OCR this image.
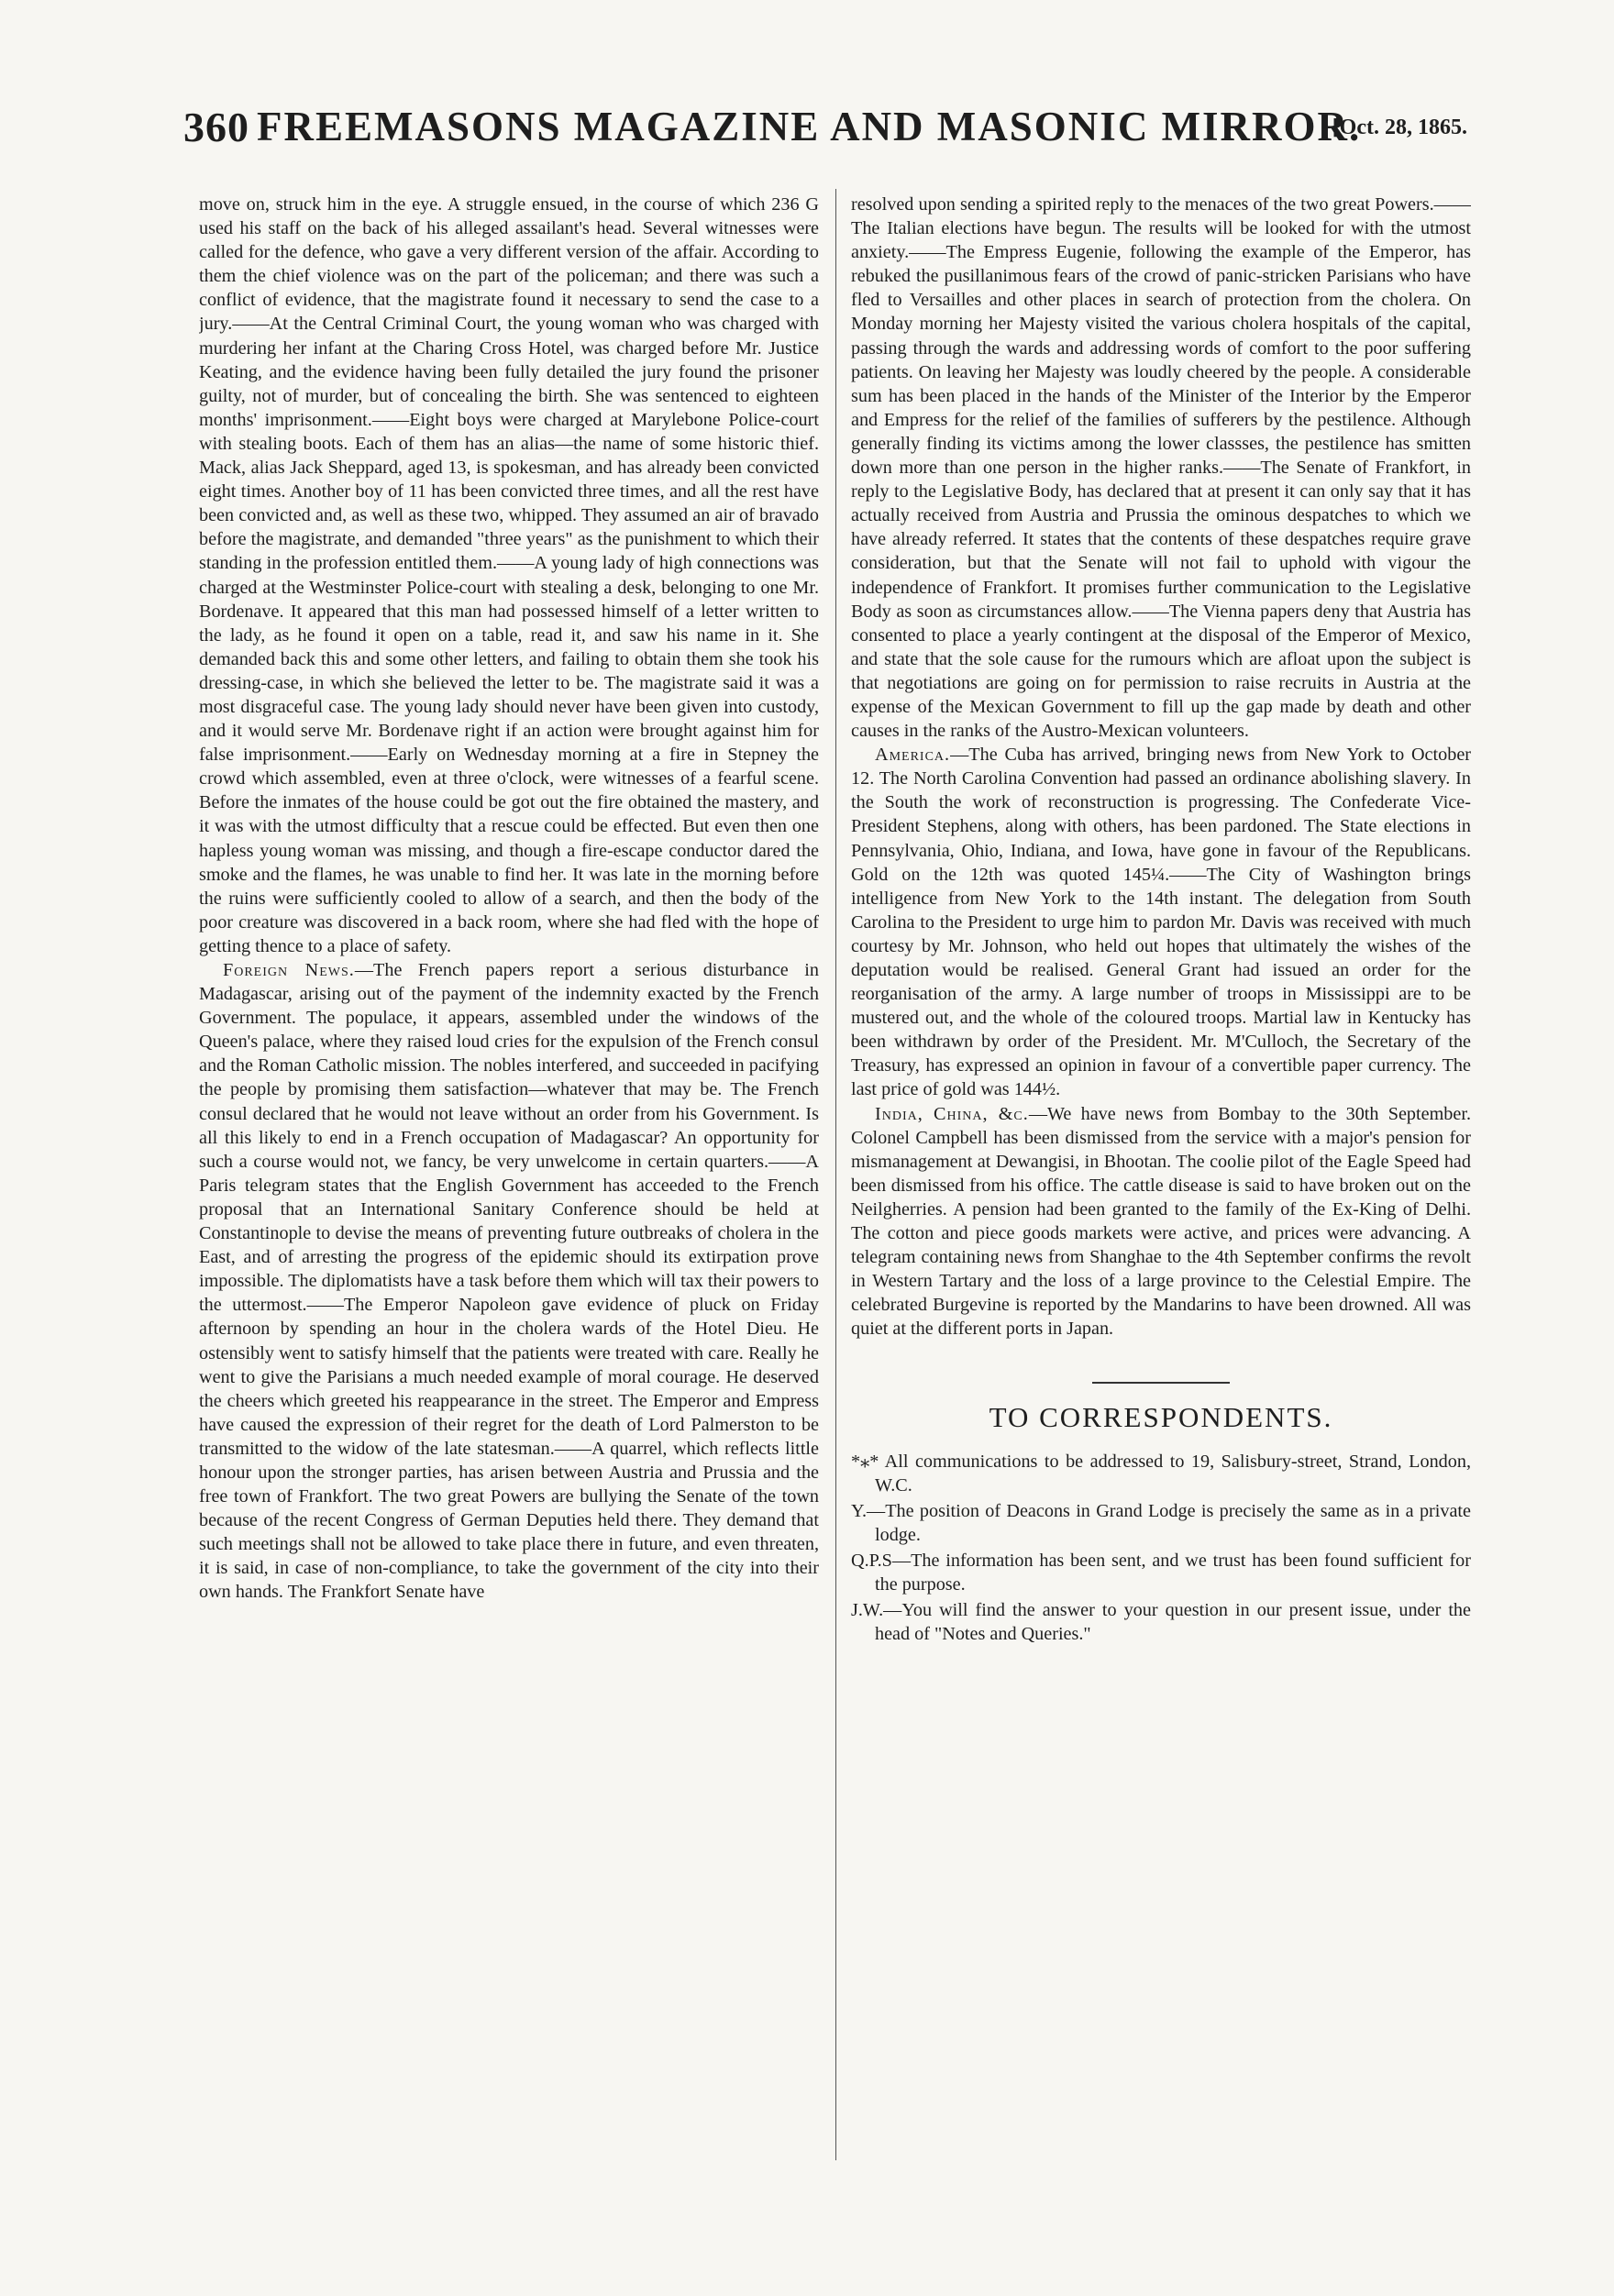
360 FREEMASONS MAGAZINE AND MASONIC MIRROR.
[Oct. 28, 1865.

move on, struck him in the eye. A struggle ensued, in the course of which 236 G used his staff on the back of his alleged assailant's head. Several witnesses were called for the defence, who gave a very different version of the affair. According to them the chief violence was on the part of the policeman; and there was such a conflict of evidence, that the magistrate found it necessary to send the case to a jury.——At the Central Criminal Court, the young woman who was charged with murdering her infant at the Charing Cross Hotel, was charged before Mr. Justice Keating, and the evidence having been fully detailed the jury found the prisoner guilty, not of murder, but of concealing the birth. She was sentenced to eighteen months' imprisonment.——Eight boys were charged at Marylebone Police-court with stealing boots. Each of them has an alias—the name of some historic thief. Mack, alias Jack Sheppard, aged 13, is spokesman, and has already been convicted eight times. Another boy of 11 has been convicted three times, and all the rest have been convicted and, as well as these two, whipped. They assumed an air of bravado before the magistrate, and demanded "three years" as the punishment to which their standing in the profession entitled them.——A young lady of high connections was charged at the Westminster Police-court with stealing a desk, belonging to one Mr. Bordenave. It appeared that this man had possessed himself of a letter written to the lady, as he found it open on a table, read it, and saw his name in it. She demanded back this and some other letters, and failing to obtain them she took his dressing-case, in which she believed the letter to be. The magistrate said it was a most disgraceful case. The young lady should never have been given into custody, and it would serve Mr. Bordenave right if an action were brought against him for false imprisonment.——Early on Wednesday morning at a fire in Stepney the crowd which assembled, even at three o'clock, were witnesses of a fearful scene. Before the inmates of the house could be got out the fire obtained the mastery, and it was with the utmost difficulty that a rescue could be effected. But even then one hapless young woman was missing, and though a fire-escape conductor dared the smoke and the flames, he was unable to find her. It was late in the morning before the ruins were sufficiently cooled to allow of a search, and then the body of the poor creature was discovered in a back room, where she had fled with the hope of getting thence to a place of safety.

Foreign News.—The French papers report a serious disturbance in Madagascar, arising out of the payment of the indemnity exacted by the French Government. The populace, it appears, assembled under the windows of the Queen's palace, where they raised loud cries for the expulsion of the French consul and the Roman Catholic mission. The nobles interfered, and succeeded in pacifying the people by promising them satisfaction—whatever that may be. The French consul declared that he would not leave without an order from his Government. Is all this likely to end in a French occupation of Madagascar? An opportunity for such a course would not, we fancy, be very unwelcome in certain quarters.——A Paris telegram states that the English Government has acceeded to the French proposal that an International Sanitary Conference should be held at Constantinople to devise the means of preventing future outbreaks of cholera in the East, and of arresting the progress of the epidemic should its extirpation prove impossible. The diplomatists have a task before them which will tax their powers to the uttermost.——The Emperor Napoleon gave evidence of pluck on Friday afternoon by spending an hour in the cholera wards of the Hotel Dieu. He ostensibly went to satisfy himself that the patients were treated with care. Really he went to give the Parisians a much needed example of moral courage. He deserved the cheers which greeted his reappearance in the street. The Emperor and Empress have caused the expression of their regret for the death of Lord Palmerston to be transmitted to the widow of the late statesman.——A quarrel, which reflects little honour upon the stronger parties, has arisen between Austria and Prussia and the free town of Frankfort. The two great Powers are bullying the Senate of the town because of the recent Congress of German Deputies held there. They demand that such meetings shall not be allowed to take place there in future, and even threaten, it is said, in case of non-compliance, to take the government of the city into their own hands. The Frankfort Senate have

resolved upon sending a spirited reply to the menaces of the two great Powers.——The Italian elections have begun. The results will be looked for with the utmost anxiety.——The Empress Eugenie, following the example of the Emperor, has rebuked the pusillanimous fears of the crowd of panic-stricken Parisians who have fled to Versailles and other places in search of protection from the cholera. On Monday morning her Majesty visited the various cholera hospitals of the capital, passing through the wards and addressing words of comfort to the poor suffering patients. On leaving her Majesty was loudly cheered by the people. A considerable sum has been placed in the hands of the Minister of the Interior by the Emperor and Empress for the relief of the families of sufferers by the pestilence. Although generally finding its victims among the lower classses, the pestilence has smitten down more than one person in the higher ranks.——The Senate of Frankfort, in reply to the Legislative Body, has declared that at present it can only say that it has actually received from Austria and Prussia the ominous despatches to which we have already referred. It states that the contents of these despatches require grave consideration, but that the Senate will not fail to uphold with vigour the independence of Frankfort. It promises further communication to the Legislative Body as soon as circumstances allow.——The Vienna papers deny that Austria has consented to place a yearly contingent at the disposal of the Emperor of Mexico, and state that the sole cause for the rumours which are afloat upon the subject is that negotiations are going on for permission to raise recruits in Austria at the expense of the Mexican Government to fill up the gap made by death and other causes in the ranks of the Austro-Mexican volunteers.

America.—The Cuba has arrived, bringing news from New York to October 12. The North Carolina Convention had passed an ordinance abolishing slavery. In the South the work of reconstruction is progressing. The Confederate Vice-President Stephens, along with others, has been pardoned. The State elections in Pennsylvania, Ohio, Indiana, and Iowa, have gone in favour of the Republicans. Gold on the 12th was quoted 145¼.——The City of Washington brings intelligence from New York to the 14th instant. The delegation from South Carolina to the President to urge him to pardon Mr. Davis was received with much courtesy by Mr. Johnson, who held out hopes that ultimately the wishes of the deputation would be realised. General Grant had issued an order for the reorganisation of the army. A large number of troops in Mississippi are to be mustered out, and the whole of the coloured troops. Martial law in Kentucky has been withdrawn by order of the President. Mr. M'Culloch, the Secretary of the Treasury, has expressed an opinion in favour of a convertible paper currency. The last price of gold was 144½.

India, China, &c.—We have news from Bombay to the 30th September. Colonel Campbell has been dismissed from the service with a major's pension for mismanagement at Dewangisi, in Bhootan. The coolie pilot of the Eagle Speed had been dismissed from his office. The cattle disease is said to have broken out on the Neilgherries. A pension had been granted to the family of the Ex-King of Delhi. The cotton and piece goods markets were active, and prices were advancing. A telegram containing news from Shanghae to the 4th September confirms the revolt in Western Tartary and the loss of a large province to the Celestial Empire. The celebrated Burgevine is reported by the Mandarins to have been drowned. All was quiet at the different ports in Japan.

TO CORRESPONDENTS.

*⁎* All communications to be addressed to 19, Salisbury-street, Strand, London, W.C.

Y.—The position of Deacons in Grand Lodge is precisely the same as in a private lodge.

Q.P.S—The information has been sent, and we trust has been found sufficient for the purpose.

J.W.—You will find the answer to your question in our present issue, under the head of "Notes and Queries."
